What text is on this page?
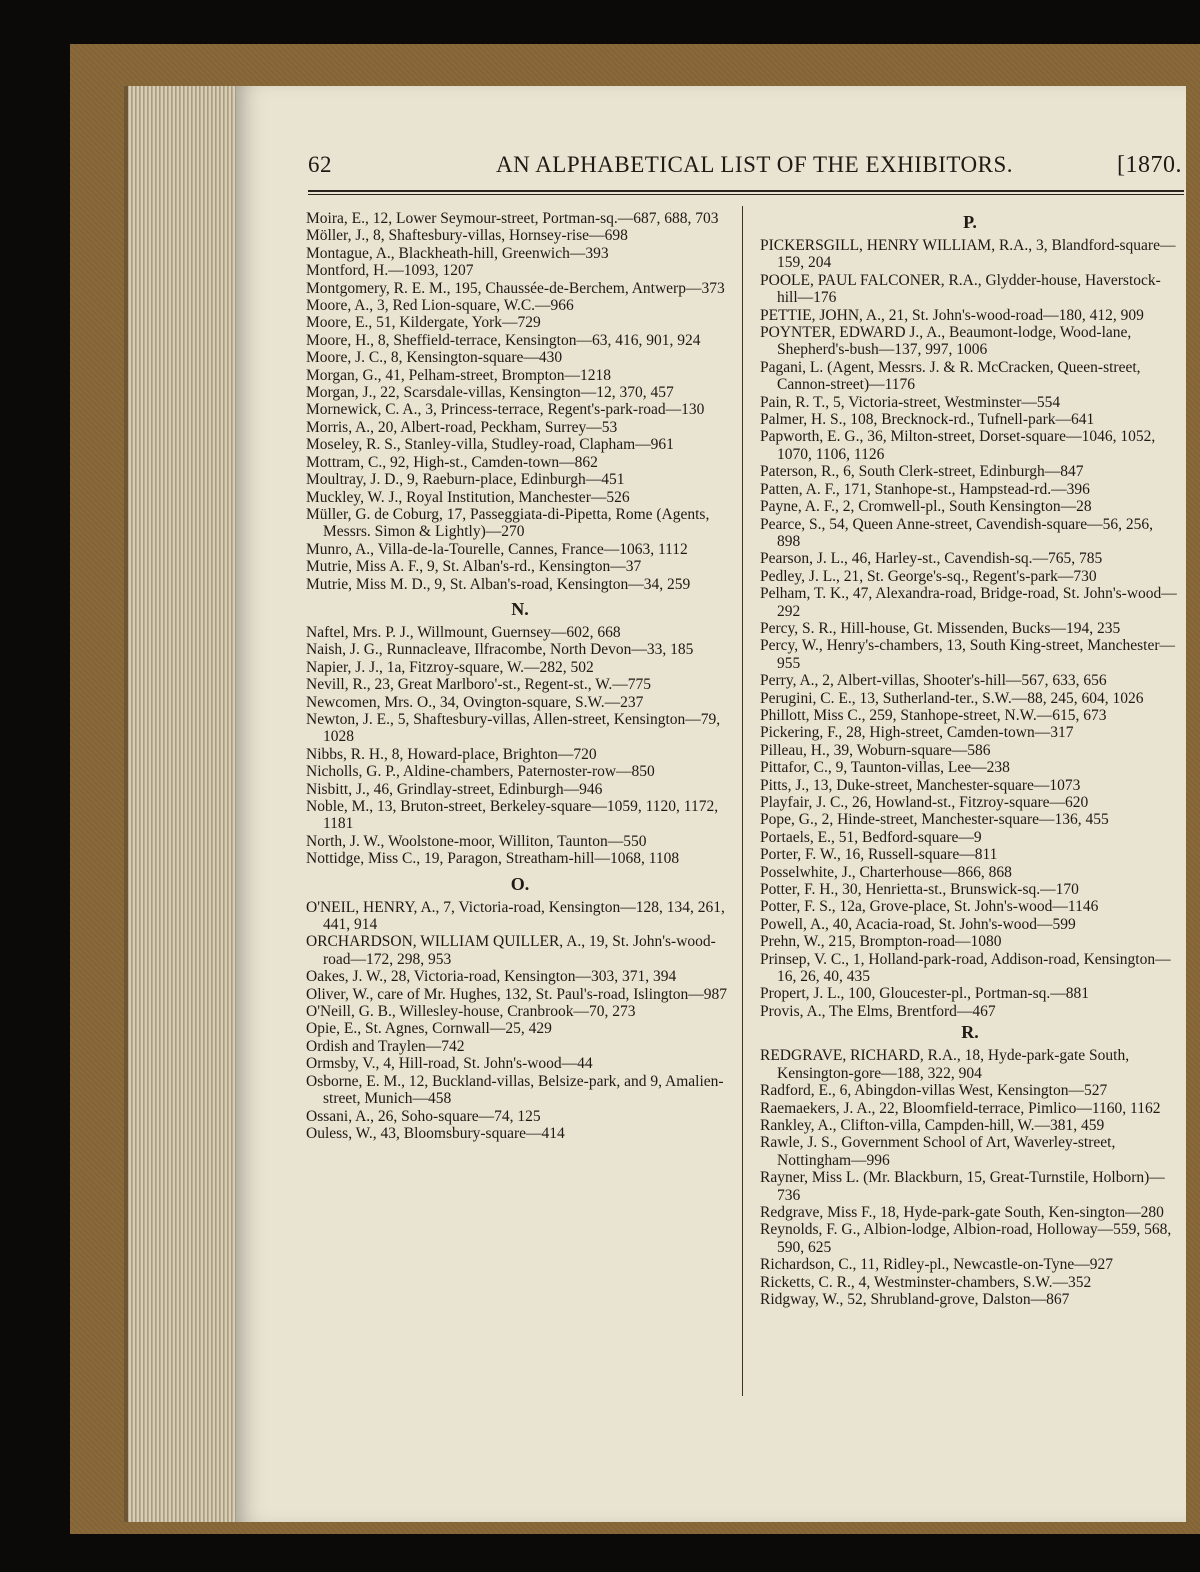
62	AN ALPHABETICAL LIST OF THE EXHIBITORS.	[1870.

Moira, E., 12, Lower Seymour-street, Portman-sq.—687, 688, 703

Möller, J., 8, Shaftesbury-villas, Hornsey-rise—698

Montague, A., Blackheath-hill, Greenwich—393

Montford, H.—1093, 1207

Montgomery, R. E. M., 195, Chaussée-de-Berchem, Antwerp—373

Moore, A., 3, Red Lion-square, W.C.—966

Moore, E., 51, Kildergate, York—729

Moore, H., 8, Sheffield-terrace, Kensington—63, 416, 901, 924

Moore, J. C., 8, Kensington-square—430

Morgan, G., 41, Pelham-street, Brompton—1218

Morgan, J., 22, Scarsdale-villas, Kensington—12, 370, 457

Mornewick, C. A., 3, Princess-terrace, Regent's-park-road—130

Morris, A., 20, Albert-road, Peckham, Surrey—53

Moseley, R. S., Stanley-villa, Studley-road, Clapham—961

Mottram, C., 92, High-st., Camden-town—862

Moultray, J. D., 9, Raeburn-place, Edinburgh—451

Muckley, W. J., Royal Institution, Manchester—526

Müller, G. de Coburg, 17, Passeggiata-di-Pipetta, Rome (Agents, Messrs. Simon & Lightly)—270

Munro, A., Villa-de-la-Tourelle, Cannes, France—1063, 1112

Mutrie, Miss A. F., 9, St. Alban's-rd., Kensington—37

Mutrie, Miss M. D., 9, St. Alban's-road, Kensington—34, 259

N.

Naftel, Mrs. P. J., Willmount, Guernsey—602, 668

Naish, J. G., Runnacleave, Ilfracombe, North Devon—33, 185

Napier, J. J., 1a, Fitzroy-square, W.—282, 502

Nevill, R., 23, Great Marlboro'-st., Regent-st., W.—775

Newcomen, Mrs. O., 34, Ovington-square, S.W.—237

Newton, J. E., 5, Shaftesbury-villas, Allen-street, Kensington—79, 1028

Nibbs, R. H., 8, Howard-place, Brighton—720

Nicholls, G. P., Aldine-chambers, Paternoster-row—850

Nisbitt, J., 46, Grindlay-street, Edinburgh—946

Noble, M., 13, Bruton-street, Berkeley-square—1059, 1120, 1172, 1181

North, J. W., Woolstone-moor, Williton, Taunton—550

Nottidge, Miss C., 19, Paragon, Streatham-hill—1068, 1108

O.

O'NEIL, HENRY, A., 7, Victoria-road, Kensington—128, 134, 261, 441, 914

ORCHARDSON, WILLIAM QUILLER, A., 19, St. John's-wood-road—172, 298, 953

Oakes, J. W., 28, Victoria-road, Kensington—303, 371, 394

Oliver, W., care of Mr. Hughes, 132, St. Paul's-road, Islington—987

O'Neill, G. B., Willesley-house, Cranbrook—70, 273

Opie, E., St. Agnes, Cornwall—25, 429

Ordish and Traylen—742

Ormsby, V., 4, Hill-road, St. John's-wood—44

Osborne, E. M., 12, Buckland-villas, Belsize-park, and 9, Amalien-street, Munich—458

Ossani, A., 26, Soho-square—74, 125

Ouless, W., 43, Bloomsbury-square—414

P.

PICKERSGILL, HENRY WILLIAM, R.A., 3, Blandford-square—159, 204

POOLE, PAUL FALCONER, R.A., Glydder-house, Haverstock-hill—176

PETTIE, JOHN, A., 21, St. John's-wood-road—180, 412, 909

POYNTER, EDWARD J., A., Beaumont-lodge, Wood-lane, Shepherd's-bush—137, 997, 1006

Pagani, L. (Agent, Messrs. J. & R. McCracken, Queen-street, Cannon-street)—1176

Pain, R. T., 5, Victoria-street, Westminster—554

Palmer, H. S., 108, Brecknock-rd., Tufnell-park—641

Papworth, E. G., 36, Milton-street, Dorset-square—1046, 1052, 1070, 1106, 1126

Paterson, R., 6, South Clerk-street, Edinburgh—847

Patten, A. F., 171, Stanhope-st., Hampstead-rd.—396

Payne, A. F., 2, Cromwell-pl., South Kensington—28

Pearce, S., 54, Queen Anne-street, Cavendish-square—56, 256, 898

Pearson, J. L., 46, Harley-st., Cavendish-sq.—765, 785

Pedley, J. L., 21, St. George's-sq., Regent's-park—730

Pelham, T. K., 47, Alexandra-road, Bridge-road, St. John's-wood—292

Percy, S. R., Hill-house, Gt. Missenden, Bucks—194, 235

Percy, W., Henry's-chambers, 13, South King-street, Manchester—955

Perry, A., 2, Albert-villas, Shooter's-hill—567, 633, 656

Perugini, C. E., 13, Sutherland-ter., S.W.—88, 245, 604, 1026

Phillott, Miss C., 259, Stanhope-street, N.W.—615, 673

Pickering, F., 28, High-street, Camden-town—317

Pilleau, H., 39, Woburn-square—586

Pittafor, C., 9, Taunton-villas, Lee—238

Pitts, J., 13, Duke-street, Manchester-square—1073

Playfair, J. C., 26, Howland-st., Fitzroy-square—620

Pope, G., 2, Hinde-street, Manchester-square—136, 455

Portaels, E., 51, Bedford-square—9

Porter, F. W., 16, Russell-square—811

Posselwhite, J., Charterhouse—866, 868

Potter, F. H., 30, Henrietta-st., Brunswick-sq.—170

Potter, F. S., 12a, Grove-place, St. John's-wood—1146

Powell, A., 40, Acacia-road, St. John's-wood—599

Prehn, W., 215, Brompton-road—1080

Prinsep, V. C., 1, Holland-park-road, Addison-road, Kensington—16, 26, 40, 435

Propert, J. L., 100, Gloucester-pl., Portman-sq.—881

Provis, A., The Elms, Brentford—467

R.

REDGRAVE, RICHARD, R.A., 18, Hyde-park-gate South, Kensington-gore—188, 322, 904

Radford, E., 6, Abingdon-villas West, Kensington—527

Raemaekers, J. A., 22, Bloomfield-terrace, Pimlico—1160, 1162

Rankley, A., Clifton-villa, Campden-hill, W.—381, 459

Rawle, J. S., Government School of Art, Waverley-street, Nottingham—996

Rayner, Miss L. (Mr. Blackburn, 15, Great-Turnstile, Holborn)—736

Redgrave, Miss F., 18, Hyde-park-gate South, Ken-sington—280

Reynolds, F. G., Albion-lodge, Albion-road, Holloway—559, 568, 590, 625

Richardson, C., 11, Ridley-pl., Newcastle-on-Tyne—927

Ricketts, C. R., 4, Westminster-chambers, S.W.—352

Ridgway, W., 52, Shrubland-grove, Dalston—867
